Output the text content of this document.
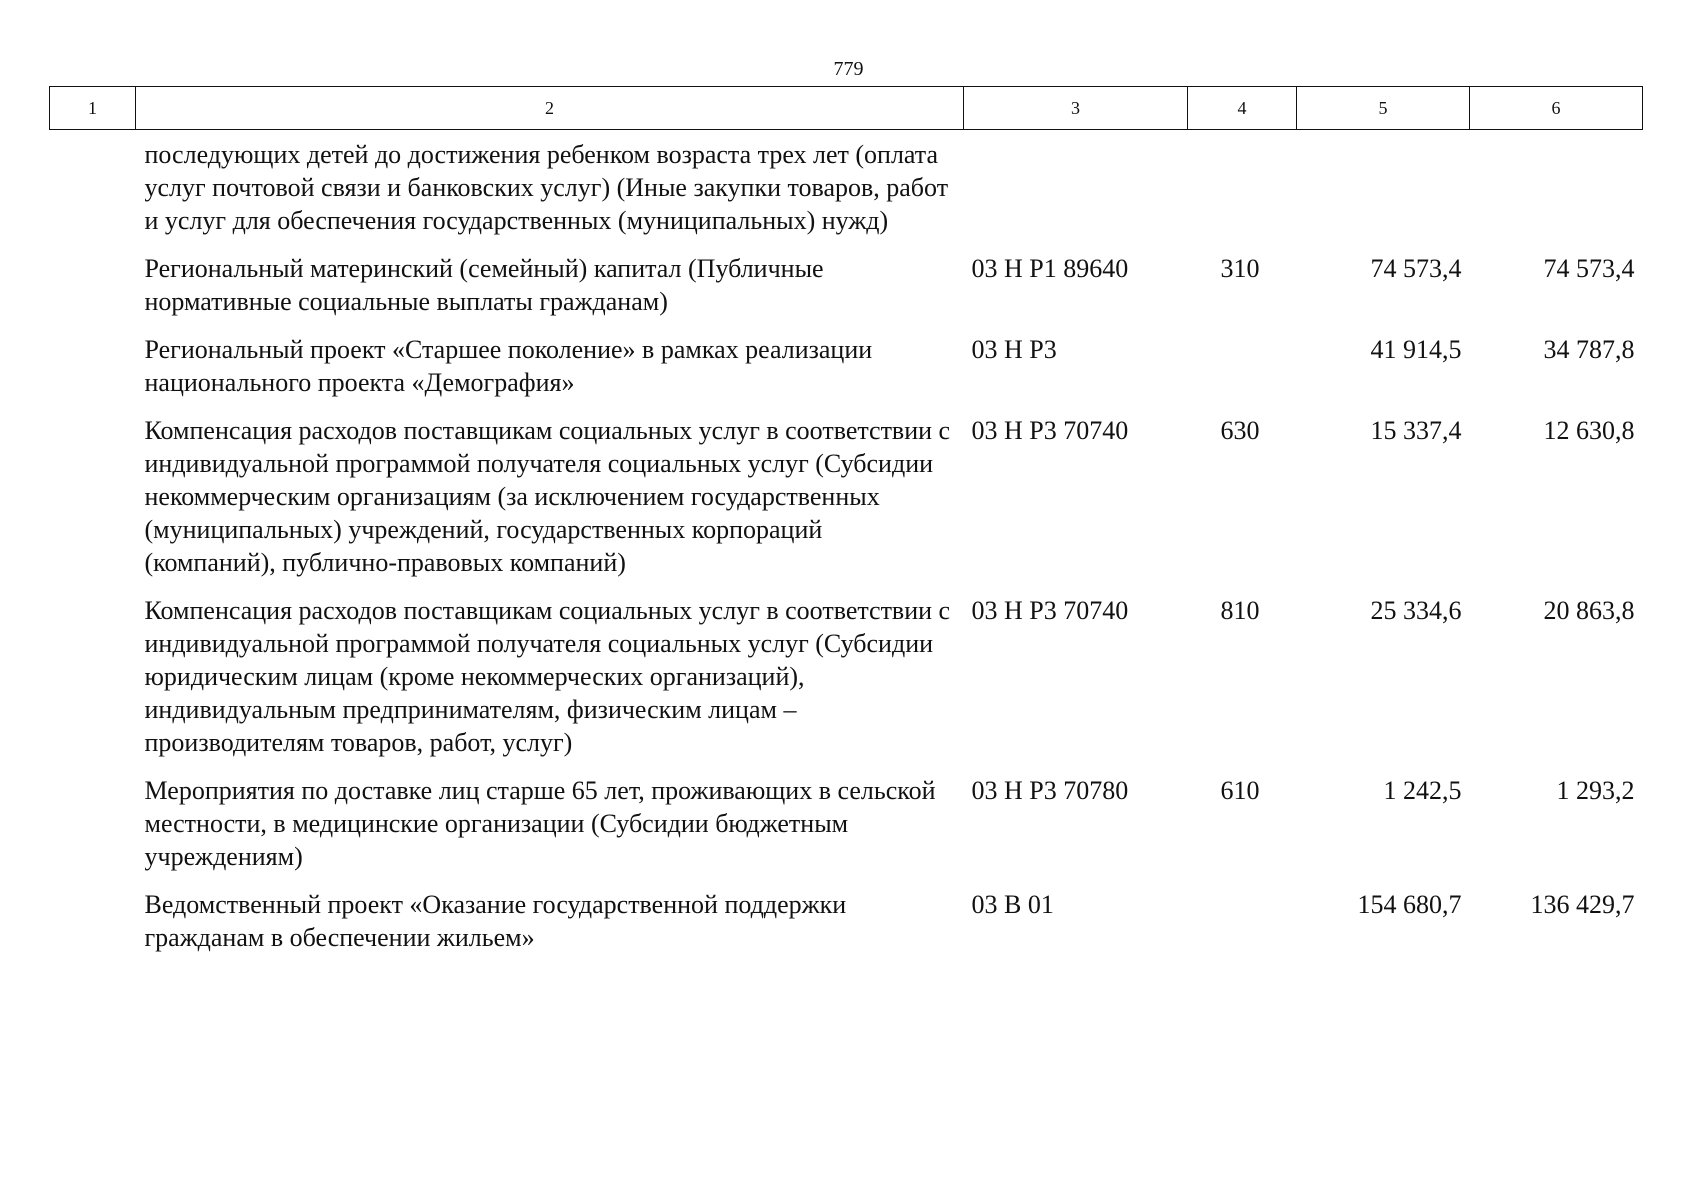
779
1	2	3	4	5	6
	последующих детей до достижения ребенком возраста трех лет (оплата услуг почтовой связи и банковских услуг) (Иные закупки товаров, работ и услуг для обеспечения государственных (муниципальных) нужд)				
	Региональный материнский (семейный) капитал (Публичные нормативные социальные выплаты гражданам)	03 Н Р1 89640	310	74 573,4	74 573,4
	Региональный проект «Старшее поколение» в рамках реализации национального проекта «Демография»	03 Н Р3		41 914,5	34 787,8
	Компенсация расходов поставщикам социальных услуг в соответствии с индивидуальной программой получателя социальных услуг (Субсидии некоммерческим организациям (за исключением государственных (муниципальных) учреждений, государственных корпораций (компаний), публично-правовых компаний)	03 Н Р3 70740	630	15 337,4	12 630,8
	Компенсация расходов поставщикам социальных услуг в соответствии с индивидуальной программой получателя социальных услуг (Субсидии юридическим лицам (кроме некоммерческих организаций), индивидуальным предпринимателям, физическим лицам – производителям товаров, работ, услуг)	03 Н Р3 70740	810	25 334,6	20 863,8
	Мероприятия по доставке лиц старше 65 лет, проживающих в сельской местности, в медицинские организации (Субсидии бюджетным учреждениям)	03 Н Р3 70780	610	1 242,5	1 293,2
	Ведомственный проект «Оказание государственной поддержки гражданам в обеспечении жильем»	03 В 01		154 680,7	136 429,7
